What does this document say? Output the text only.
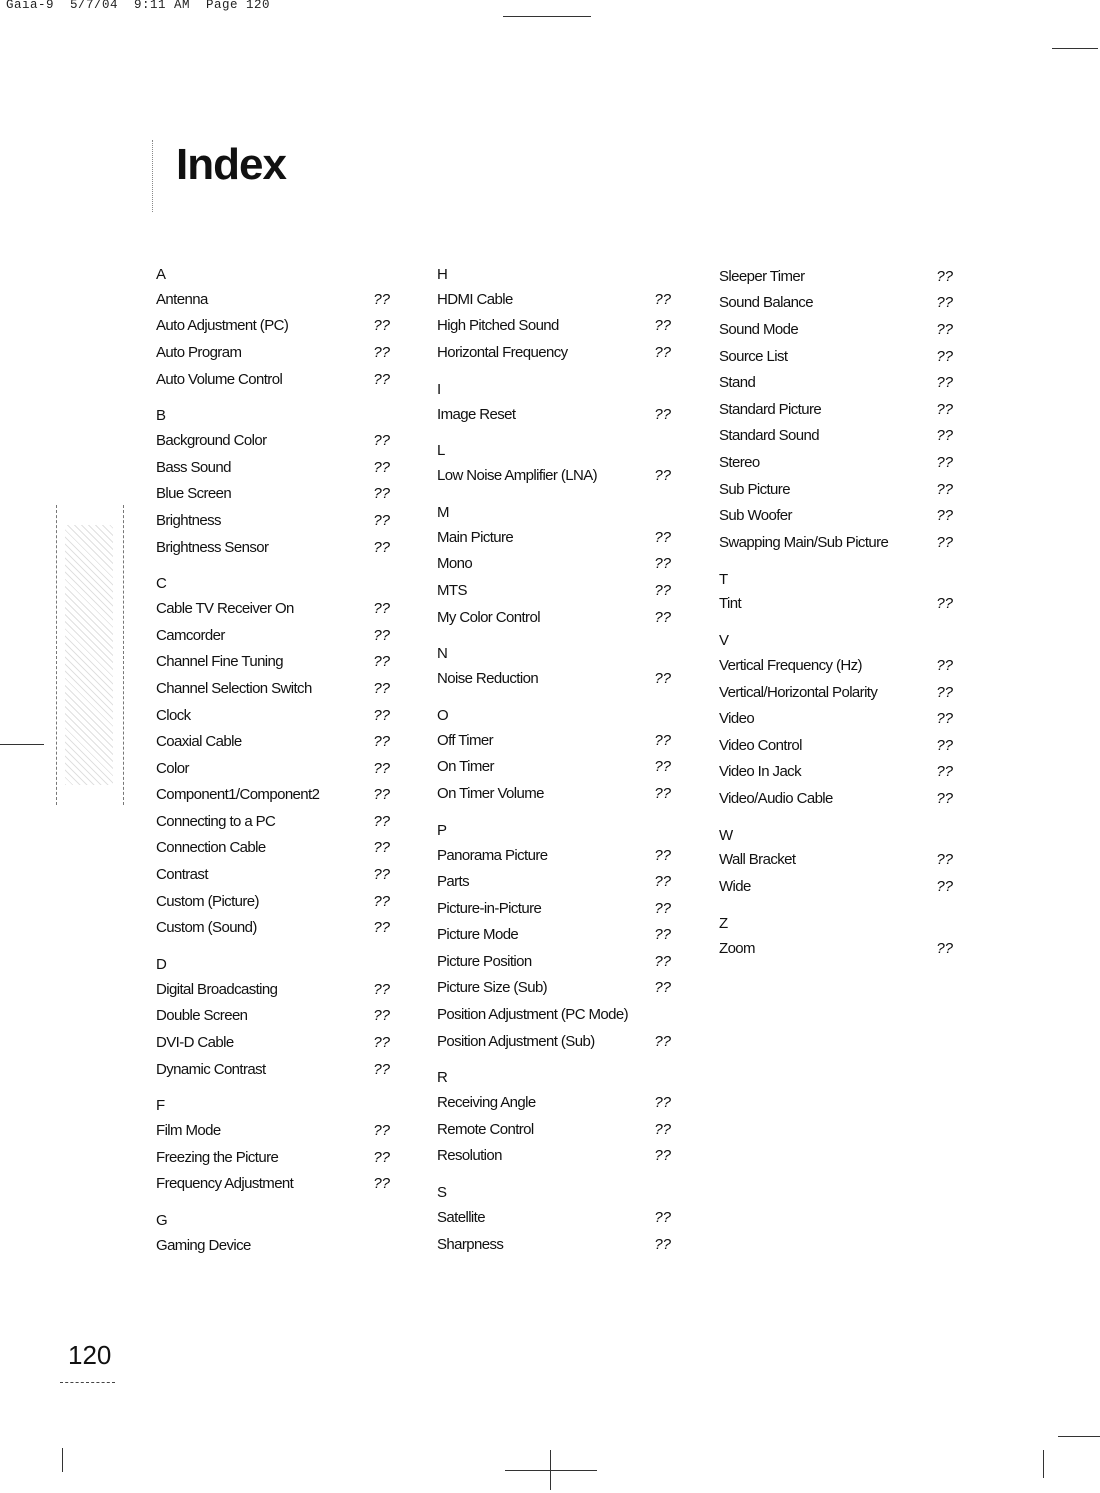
Gaia-9  5/7/04  9:11 AM  Page 120
Index
A
Antenna	??
Auto Adjustment (PC)	??
Auto Program	??
Auto Volume Control	??
B
Background Color	??
Bass Sound	??
Blue Screen	??
Brightness	??
Brightness Sensor	??
C
Cable TV Receiver On	??
Camcorder	??
Channel Fine Tuning	??
Channel Selection Switch	??
Clock	??
Coaxial Cable	??
Color	??
Component1/Component2	??
Connecting to a PC	??
Connection Cable	??
Contrast	??
Custom (Picture)	??
Custom (Sound)	??
D
Digital Broadcasting	??
Double Screen	??
DVI-D Cable	??
Dynamic Contrast	??
F
Film Mode	??
Freezing the Picture	??
Frequency Adjustment	??
G
Gaming Device
H
HDMI Cable	??
High Pitched Sound	??
Horizontal Frequency	??
I
Image Reset	??
L
Low Noise Amplifier (LNA)	??
M
Main Picture	??
Mono	??
MTS	??
My Color Control	??
N
Noise Reduction	??
O
Off Timer	??
On Timer	??
On Timer Volume	??
P
Panorama Picture	??
Parts	??
Picture-in-Picture	??
Picture Mode	??
Picture Position	??
Picture Size (Sub)	??
Position Adjustment (PC Mode)
Position Adjustment (Sub)	??
R
Receiving Angle	??
Remote Control	??
Resolution	??
S
Satellite	??
Sharpness	??
Sleeper Timer	??
Sound Balance	??
Sound Mode	??
Source List	??
Stand	??
Standard Picture	??
Standard Sound	??
Stereo	??
Sub Picture	??
Sub Woofer	??
Swapping Main/Sub Picture	??
T
Tint	??
V
Vertical Frequency (Hz)	??
Vertical/Horizontal Polarity	??
Video	??
Video Control	??
Video In Jack	??
Video/Audio Cable	??
W
Wall Bracket	??
Wide	??
Z
Zoom	??
120
